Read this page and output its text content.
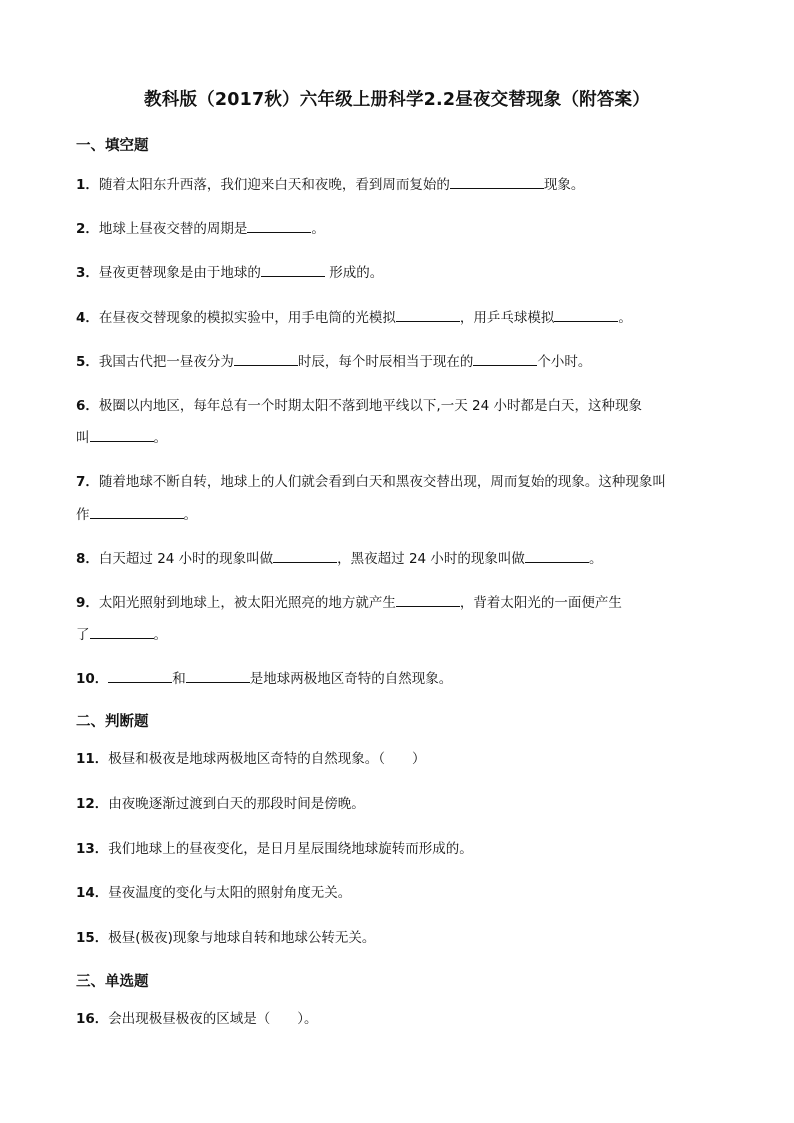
教科版（2017秋）六年级上册科学2.2昼夜交替现象（附答案）
一、填空题
1．随着太阳东升西落，我们迎来白天和夜晚，看到周而复始的	现象。
2．地球上昼夜交替的周期是	。
3．昼夜更替现象是由于地球的	形成的。
4．在昼夜交替现象的模拟实验中，用手电筒的光模拟	，用乒乓球模拟	。
5．我国古代把一昼夜分为	时辰，每个时辰相当于现在的	个小时。
6．极圈以内地区，每年总有一个时期太阳不落到地平线以下,一天 24 小时都是白天，这种现象
叫	。
7．随着地球不断自转，地球上的人们就会看到白天和黑夜交替出现，周而复始的现象。这种现象叫
作	。
8．白天超过 24 小时的现象叫做	，黑夜超过 24 小时的现象叫做	。
9．太阳光照射到地球上，被太阳光照亮的地方就产生	，背着太阳光的一面便产生
了	。
10．	和	是地球两极地区奇特的自然现象。
二、判断题
11．极昼和极夜是地球两极地区奇特的自然现象。（　　）
12．由夜晚逐渐过渡到白天的那段时间是傍晚。
13．我们地球上的昼夜变化，是日月星辰围绕地球旋转而形成的。
14．昼夜温度的变化与太阳的照射角度无关。
15．极昼(极夜)现象与地球自转和地球公转无关。
三、单选题
16．会出现极昼极夜的区域是（　　）。
